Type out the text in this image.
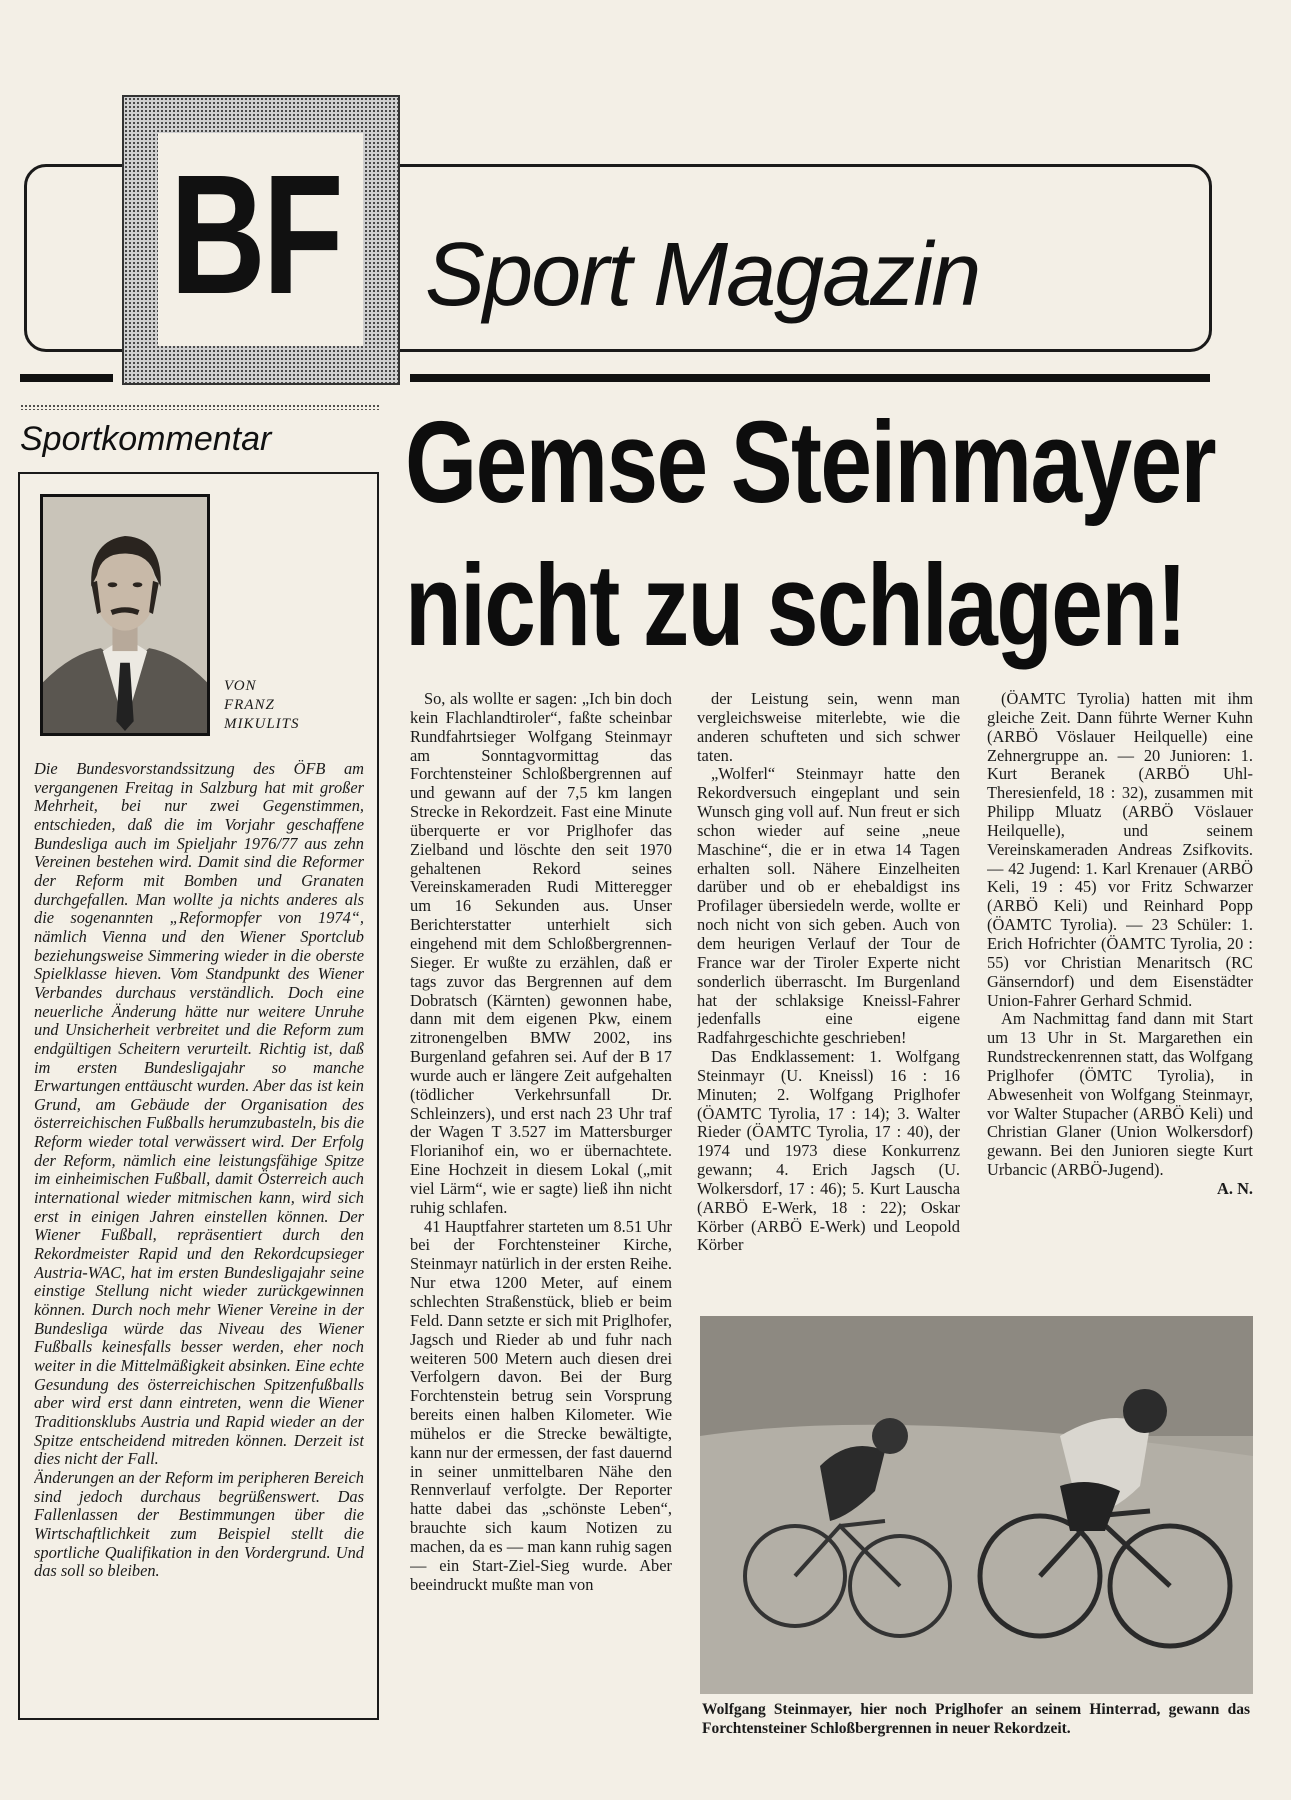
BF Sport Magazin
Sportkommentar
VON
FRANZ
MIKULITS

Die Bundesvorstandssitzung des ÖFB am vergangenen Freitag in Salzburg hat mit großer Mehrheit, bei nur zwei Gegenstimmen, entschieden, daß die im Vorjahr geschaffene Bundesliga auch im Spieljahr 1976/77 aus zehn Vereinen bestehen wird. Damit sind die Reformer der Reform mit Bomben und Granaten durchgefallen. Man wollte ja nichts anderes als die sogenannten „Reformopfer von 1974“, nämlich Vienna und den Wiener Sportclub beziehungsweise Simmering wieder in die oberste Spielklasse hieven. Vom Standpunkt des Wiener Verbandes durchaus verständlich. Doch eine neuerliche Änderung hätte nur weitere Unruhe und Unsicherheit verbreitet und die Reform zum endgültigen Scheitern verurteilt. Richtig ist, daß im ersten Bundesligajahr so manche Erwartungen enttäuscht wurden. Aber das ist kein Grund, am Gebäude der Organisation des österreichischen Fußballs herumzubasteln, bis die Reform wieder total verwässert wird. Der Erfolg der Reform, nämlich eine leistungsfähige Spitze im einheimischen Fußball, damit Österreich auch international wieder mitmischen kann, wird sich erst in einigen Jahren einstellen können. Der Wiener Fußball, repräsentiert durch den Rekordmeister Rapid und den Rekordcupsieger Austria-WAC, hat im ersten Bundesligajahr seine einstige Stellung nicht wieder zurückgewinnen können. Durch noch mehr Wiener Vereine in der Bundesliga würde das Niveau des Wiener Fußballs keinesfalls besser werden, eher noch weiter in die Mittelmäßigkeit absinken. Eine echte Gesundung des österreichischen Spitzenfußballs aber wird erst dann eintreten, wenn die Wiener Traditionsklubs Austria und Rapid wieder an der Spitze entscheidend mitreden können. Derzeit ist dies nicht der Fall.

Änderungen an der Reform im peripheren Bereich sind jedoch durchaus begrüßenswert. Das Fallenlassen der Bestimmungen über die Wirtschaftlichkeit zum Beispiel stellt die sportliche Qualifikation in den Vordergrund. Und das soll so bleiben.

Gemse Steinmayer
nicht zu schlagen!

So, als wollte er sagen: „Ich bin doch kein Flachlandtiroler“, faßte scheinbar Rundfahrtsieger Wolfgang Steinmayr am Sonntagvormittag das Forchtensteiner Schloßbergrennen auf und gewann auf der 7,5 km langen Strecke in Rekordzeit. Fast eine Minute überquerte er vor Priglhofer das Zielband und löschte den seit 1970 gehaltenen Rekord seines Vereinskameraden Rudi Mitteregger um 16 Sekunden aus. Unser Berichterstatter unterhielt sich eingehend mit dem Schloßbergrennen-Sieger. Er wußte zu erzählen, daß er tags zuvor das Bergrennen auf dem Dobratsch (Kärnten) gewonnen habe, dann mit dem eigenen Pkw, einem zitronengelben BMW 2002, ins Burgenland gefahren sei. Auf der B 17 wurde auch er längere Zeit aufgehalten (tödlicher Verkehrsunfall Dr. Schleinzers), und erst nach 23 Uhr traf der Wagen T 3.527 im Mattersburger Florianihof ein, wo er übernachtete. Eine Hochzeit in diesem Lokal („mit viel Lärm“, wie er sagte) ließ ihn nicht ruhig schlafen.

41 Hauptfahrer starteten um 8.51 Uhr bei der Forchtensteiner Kirche, Steinmayr natürlich in der ersten Reihe. Nur etwa 1200 Meter, auf einem schlechten Straßenstück, blieb er beim Feld. Dann setzte er sich mit Priglhofer, Jagsch und Rieder ab und fuhr nach weiteren 500 Metern auch diesen drei Verfolgern davon. Bei der Burg Forchtenstein betrug sein Vorsprung bereits einen halben Kilometer. Wie mühelos er die Strecke bewältigte, kann nur der ermessen, der fast dauernd in seiner unmittelbaren Nähe den Rennverlauf verfolgte. Der Reporter hatte dabei das „schönste Leben“, brauchte sich kaum Notizen zu machen, da es — man kann ruhig sagen — ein Start-Ziel-Sieg wurde. Aber beeindruckt mußte man von

der Leistung sein, wenn man vergleichsweise miterlebte, wie die anderen schufteten und sich schwer taten.

„Wolferl“ Steinmayr hatte den Rekordversuch eingeplant und sein Wunsch ging voll auf. Nun freut er sich schon wieder auf seine „neue Maschine“, die er in etwa 14 Tagen erhalten soll. Nähere Einzelheiten darüber und ob er ehebaldigst ins Profilager übersiedeln werde, wollte er noch nicht von sich geben. Auch von dem heurigen Verlauf der Tour de France war der Tiroler Experte nicht sonderlich überrascht. Im Burgenland hat der schlaksige Kneissl-Fahrer jedenfalls eine eigene Radfahrgeschichte geschrieben!

Das Endklassement: 1. Wolfgang Steinmayr (U. Kneissl) 16 : 16 Minuten; 2. Wolfgang Priglhofer (ÖAMTC Tyrolia, 17 : 14); 3. Walter Rieder (ÖAMTC Tyrolia, 17 : 40), der 1974 und 1973 diese Konkurrenz gewann; 4. Erich Jagsch (U. Wolkersdorf, 17 : 46); 5. Kurt Lauscha (ARBÖ E-Werk, 18 : 22); Oskar Körber (ARBÖ E-Werk) und Leopold Körber

(ÖAMTC Tyrolia) hatten mit ihm gleiche Zeit. Dann führte Werner Kuhn (ARBÖ Vöslauer Heilquelle) eine Zehnergruppe an. — 20 Junioren: 1. Kurt Beranek (ARBÖ Uhl-Theresienfeld, 18 : 32), zusammen mit Philipp Mluatz (ARBÖ Vöslauer Heilquelle), und seinem Vereinskameraden Andreas Zsifkovits. — 42 Jugend: 1. Karl Krenauer (ARBÖ Keli, 19 : 45) vor Fritz Schwarzer (ARBÖ Keli) und Reinhard Popp (ÖAMTC Tyrolia). — 23 Schüler: 1. Erich Hofrichter (ÖAMTC Tyrolia, 20 : 55) vor Christian Menaritsch (RC Gänserndorf) und dem Eisenstädter Union-Fahrer Gerhard Schmid.

Am Nachmittag fand dann mit Start um 13 Uhr in St. Margarethen ein Rundstreckenrennen statt, das Wolfgang Priglhofer (ÖMTC Tyrolia), in Abwesenheit von Wolfgang Steinmayr, vor Walter Stupacher (ARBÖ Keli) und Christian Glaner (Union Wolkersdorf) gewann. Bei den Junioren siegte Kurt Urbancic (ARBÖ-Jugend).

A. N.

Wolfgang Steinmayer, hier noch Priglhofer an seinem Hinterrad, gewann das Forchtensteiner Schloßbergrennen in neuer Rekordzeit.
